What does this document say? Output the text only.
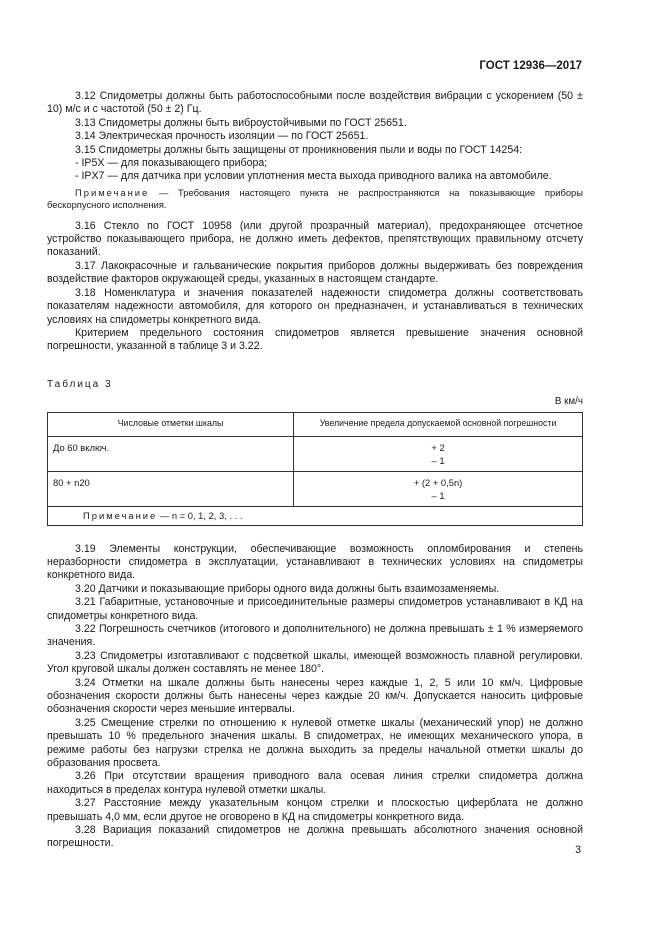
ГОСТ 12936—2017

3.12 Спидометры должны быть работоспособными после воздействия вибрации с ускорением (50 ± 10) м/с и с частотой (50 ± 2) Гц.

3.13 Спидометры должны быть виброустойчивыми по ГОСТ 25651.

3.14 Электрическая прочность изоляции — по ГОСТ 25651.

3.15 Спидометры должны быть защищены от проникновения пыли и воды по ГОСТ 14254:

- IP5X — для показывающего прибора;

- IPX7 — для датчика при условии уплотнения места выхода приводного валика на автомобиле.

Примечание — Требования настоящего пункта не распространяются на показывающие приборы бескорпусного исполнения.

3.16 Стекло по ГОСТ 10958 (или другой прозрачный материал), предохраняющее отсчетное устройство показывающего прибора, не должно иметь дефектов, препятствующих правильному отсчету показаний.

3.17 Лакокрасочные и гальванические покрытия приборов должны выдерживать без повреждения воздействие факторов окружающей среды, указанных в настоящем стандарте.

3.18 Номенклатура и значения показателей надежности спидометра должны соответствовать показателям надежности автомобиля, для которого он предназначен, и устанавливаться в технических условиях на спидометры конкретного вида.

Критерием предельного состояния спидометров является превышение значения основной погрешности, указанной в таблице 3 и 3.22.

Таблица 3
В км/ч
Числовые отметки шкалы	Увеличение предела допускаемой основной погрешности
До 60 включ.	+ 2
– 1

80 + n20	+ (2 + 0,5n)
– 1

Примечание — n = 0, 1, 2, 3, . . .	

3.19 Элементы конструкции, обеспечивающие возможность опломбирования и степень неразборности спидометра в эксплуатации, устанавливают в технических условиях на спидометры конкретного вида.

3.20 Датчики и показывающие приборы одного вида должны быть взаимозаменяемы.

3.21 Габаритные, установочные и присоединительные размеры спидометров устанавливают в КД на спидометры конкретного вида.

3.22 Погрешность счетчиков (итогового и дополнительного) не должна превышать ± 1 % измеряемого значения.

3.23 Спидометры изготавливают с подсветкой шкалы, имеющей возможность плавной регулировки. Угол круговой шкалы должен составлять не менее 180°.

3.24 Отметки на шкале должны быть нанесены через каждые 1, 2, 5 или 10 км/ч. Цифровые обозначения скорости должны быть нанесены через каждые 20 км/ч. Допускается наносить цифровые обозначения скорости через меньшие интервалы.

3.25 Смещение стрелки по отношению к нулевой отметке шкалы (механический упор) не должно превышать 10 % предельного значения шкалы. В спидометрах, не имеющих механического упора, в режиме работы без нагрузки стрелка не должна выходить за пределы начальной отметки шкалы до образования просвета.

3.26 При отсутствии вращения приводного вала осевая линия стрелки спидометра должна находиться в пределах контура нулевой отметки шкалы.

3.27 Расстояние между указательным концом стрелки и плоскостью циферблата не должно превышать 4,0 мм, если другое не оговорено в КД на спидометры конкретного вида.

3.28 Вариация показаний спидометров не должна превышать абсолютного значения основной погрешности.

3
